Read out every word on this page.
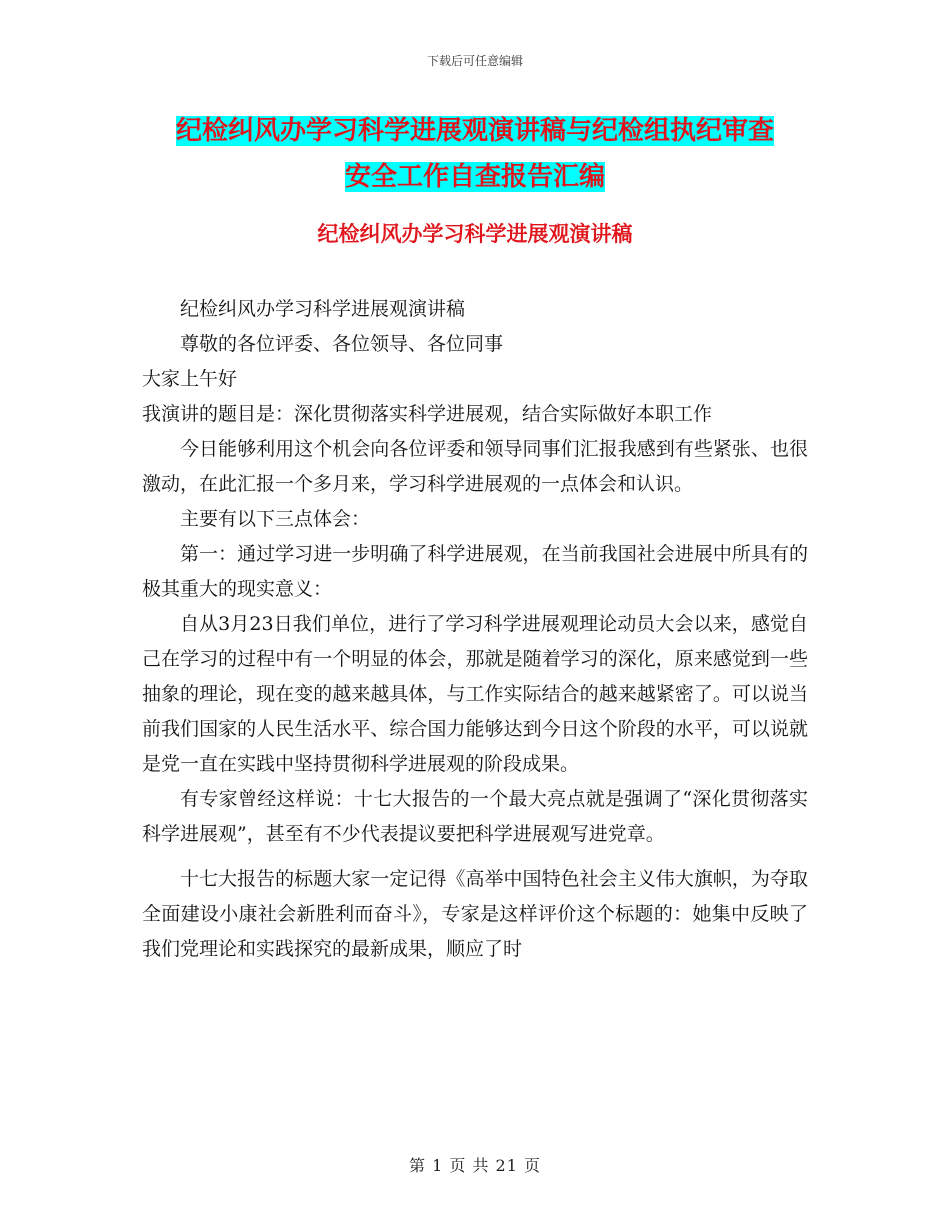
下载后可任意编辑
纪检纠风办学习科学进展观演讲稿与纪检组执纪审查
安全工作自查报告汇编
纪检纠风办学习科学进展观演讲稿

纪检纠风办学习科学进展观演讲稿

尊敬的各位评委、各位领导、各位同事

大家上午好

我演讲的题目是：深化贯彻落实科学进展观，结合实际做好本职工作

今日能够利用这个机会向各位评委和领导同事们汇报我感到有些紧张、也很激动，在此汇报一个多月来，学习科学进展观的一点体会和认识。

主要有以下三点体会：

第一：通过学习进一步明确了科学进展观，在当前我国社会进展中所具有的极其重大的现实意义：

自从3月23日我们单位，进行了学习科学进展观理论动员大会以来，感觉自己在学习的过程中有一个明显的体会，那就是随着学习的深化，原来感觉到一些抽象的理论，现在变的越来越具体，与工作实际结合的越来越紧密了。可以说当前我们国家的人民生活水平、综合国力能够达到今日这个阶段的水平，可以说就是党一直在实践中坚持贯彻科学进展观的阶段成果。

有专家曾经这样说：十七大报告的一个最大亮点就是强调了“深化贯彻落实科学进展观”，甚至有不少代表提议要把科学进展观写进党章。

十七大报告的标题大家一定记得《高举中国特色社会主义伟大旗帜，为夺取全面建设小康社会新胜利而奋斗》，专家是这样评价这个标题的：她集中反映了我们党理论和实践探究的最新成果，顺应了时

第 1 页 共 21 页
